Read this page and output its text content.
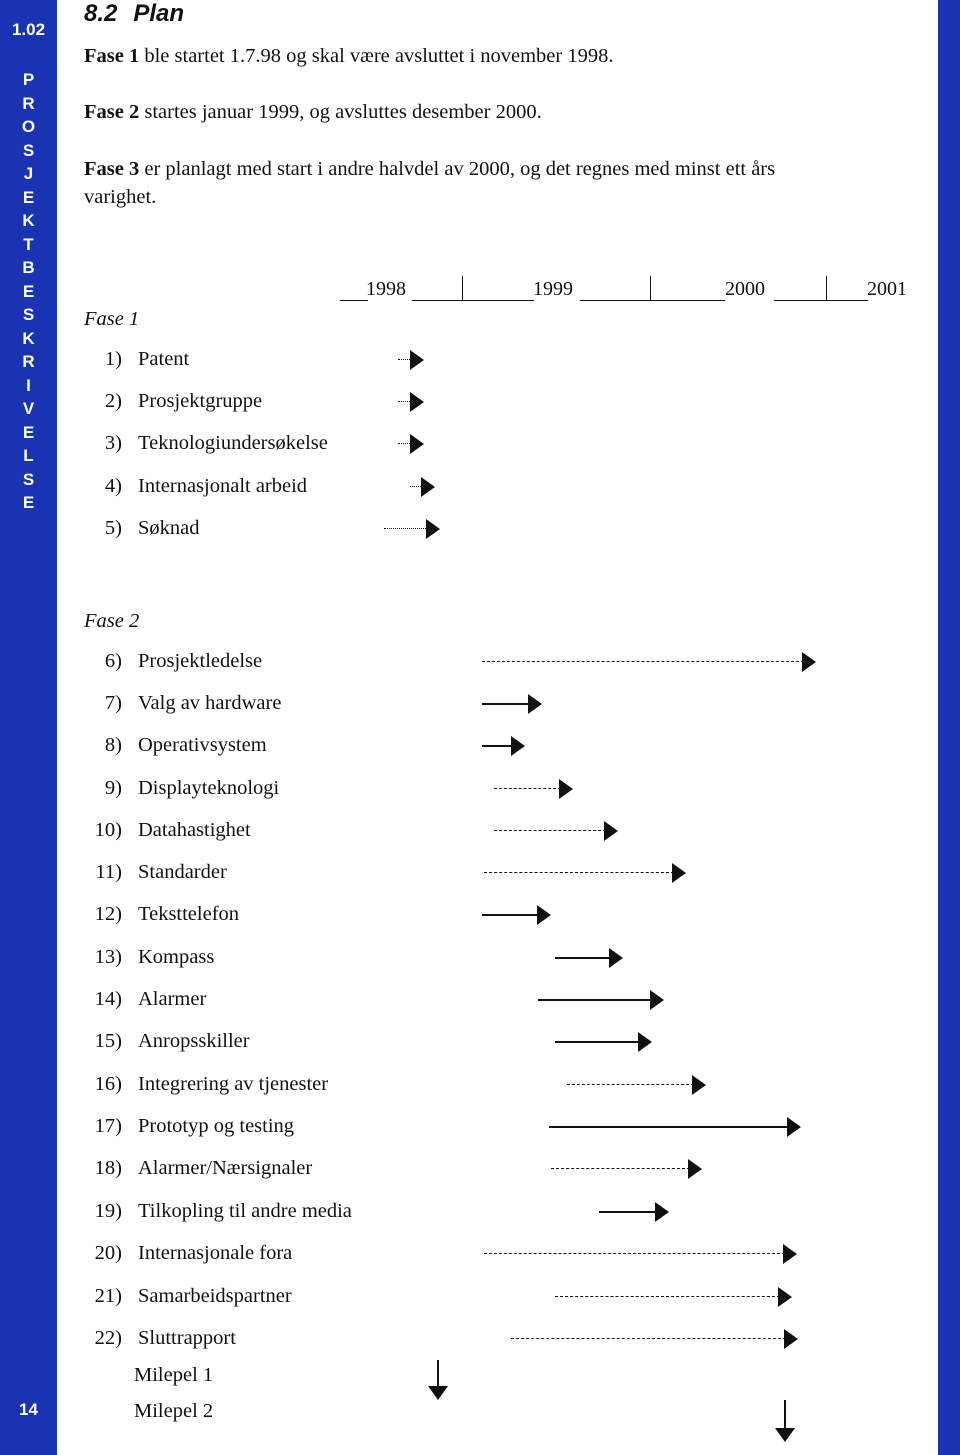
1.02
P
R
O
S
J
E
K
T
B
E
S
K
R
I
V
E
L
S
E
14
8.2 Plan
Fase 1 ble startet 1.7.98 og skal være avsluttet i november 1998.
Fase 2 startes januar 1999, og avsluttes desember 2000.
Fase 3 er planlagt med start i andre halvdel av 2000, og det regnes med minst ett års varighet.
1998	1999	2000	2001
Fase 1
Fase 2
1) Patent
2) Prosjektgruppe
3) Teknologiundersøkelse
4) Internasjonalt arbeid
5) Søknad
6) Prosjektledelse
7) Valg av hardware
8) Operativsystem
9) Displayteknologi
10) Datahastighet
11) Standarder
12) Teksttelefon
13) Kompass
14) Alarmer
15) Anropsskiller
16) Integrering av tjenester
17) Prototyp og testing
18) Alarmer/Nærsignaler
19) Tilkopling til andre media
20) Internasjonale fora
21) Samarbeidspartner
22) Sluttrapport
Milepel 1
Milepel 2
